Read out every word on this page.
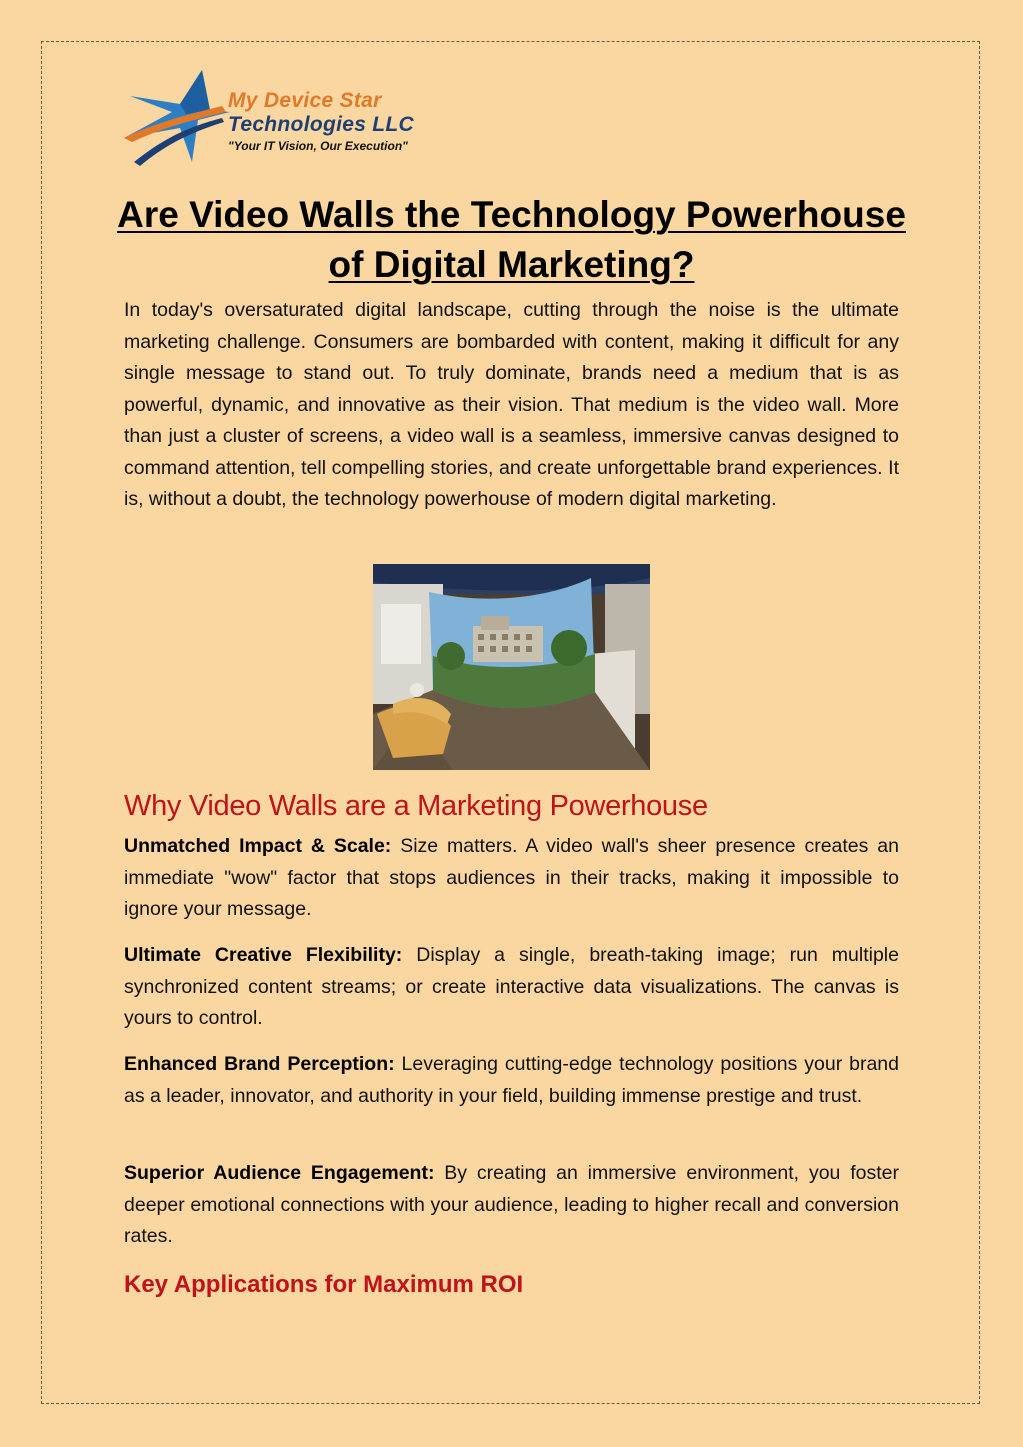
My Device Star
Technologies LLC
"Your IT Vision, Our Execution"
Are Video Walls the Technology Powerhouse
of Digital Marketing?

In today's oversaturated digital landscape, cutting through the noise is the ultimate marketing challenge. Consumers are bombarded with content, making it difficult for any single message to stand out. To truly dominate, brands need a medium that is as powerful, dynamic, and innovative as their vision. That medium is the video wall. More than just a cluster of screens, a video wall is a seamless, immersive canvas designed to command attention, tell compelling stories, and create unforgettable brand experiences. It is, without a doubt, the technology powerhouse of modern digital marketing.

Why Video Walls are a Marketing Powerhouse

Unmatched Impact & Scale: Size matters. A video wall's sheer presence creates an immediate "wow" factor that stops audiences in their tracks, making it impossible to ignore your message.

Ultimate Creative Flexibility: Display a single, breath-taking image; run multiple synchronized content streams; or create interactive data visualizations. The canvas is yours to control.

Enhanced Brand Perception: Leveraging cutting-edge technology positions your brand as a leader, innovator, and authority in your field, building immense prestige and trust.

Superior Audience Engagement: By creating an immersive environment, you foster deeper emotional connections with your audience, leading to higher recall and conversion rates.

Key Applications for Maximum ROI
